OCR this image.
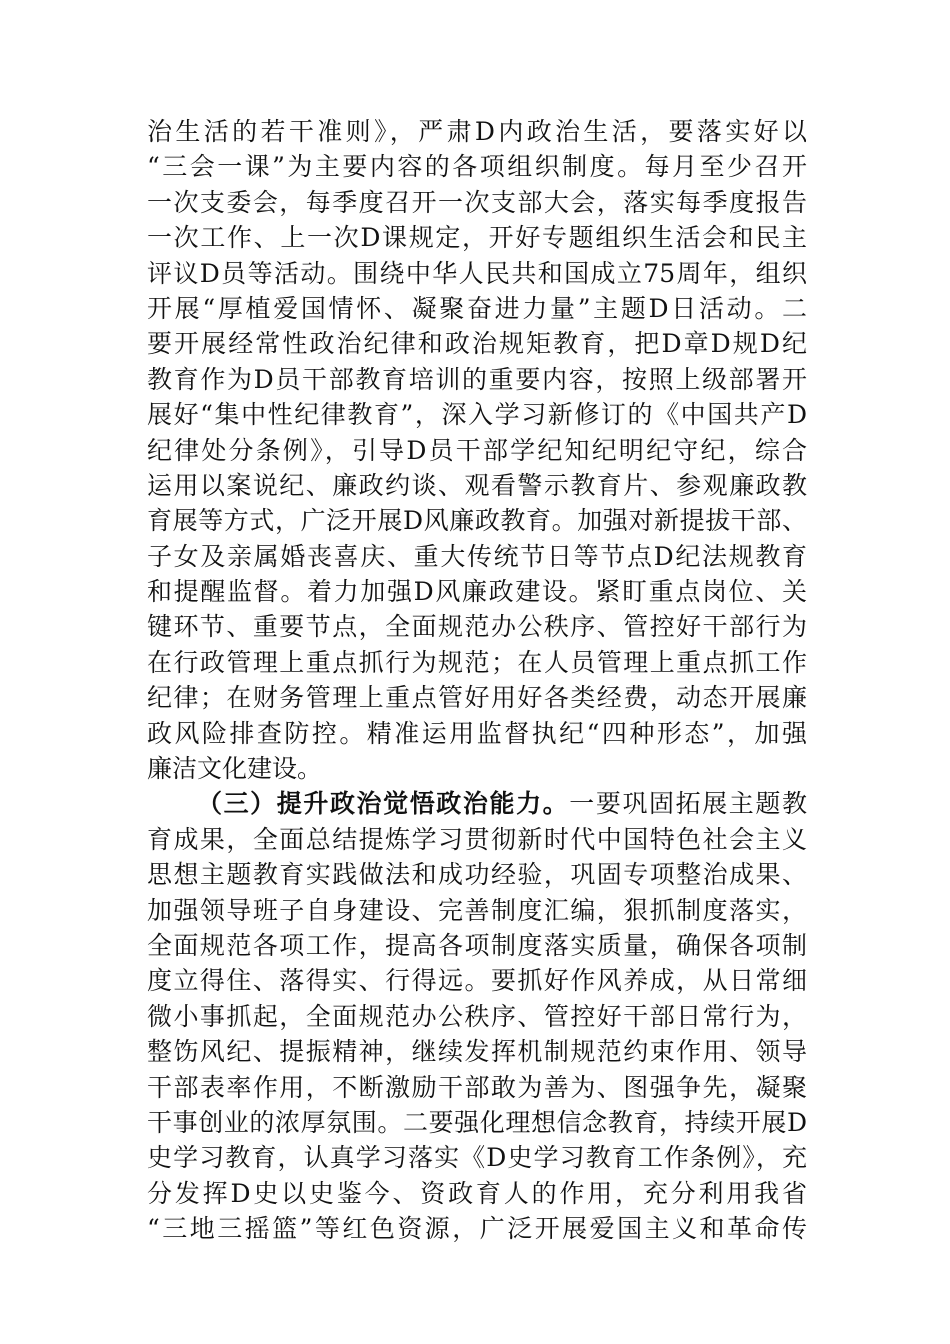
治生活的若干准则》，严肃D内政治生活，要落实好以
“三会一课”为主要内容的各项组织制度。每月至少召开
一次支委会，每季度召开一次支部大会，落实每季度报告
一次工作、上一次D课规定，开好专题组织生活会和民主
评议D员等活动。围绕中华人民共和国成立75周年，组织
开展“厚植爱国情怀、凝聚奋进力量”主题D日活动。二
要开展经常性政治纪律和政治规矩教育，把D章D规D纪
教育作为D员干部教育培训的重要内容，按照上级部署开
展好“集中性纪律教育”，深入学习新修订的《中国共产D
纪律处分条例》，引导D员干部学纪知纪明纪守纪，综合
运用以案说纪、廉政约谈、观看警示教育片、参观廉政教
育展等方式，广泛开展D风廉政教育。加强对新提拔干部、
子女及亲属婚丧喜庆、重大传统节日等节点D纪法规教育
和提醒监督。着力加强D风廉政建设。紧盯重点岗位、关
键环节、重要节点，全面规范办公秩序、管控好干部行为
在行政管理上重点抓行为规范；在人员管理上重点抓工作
纪律；在财务管理上重点管好用好各类经费，动态开展廉
政风险排查防控。精准运用监督执纪“四种形态”，加强
廉洁文化建设。
（三）提升政治觉悟政治能力。一要巩固拓展主题教
育成果，全面总结提炼学习贯彻新时代中国特色社会主义
思想主题教育实践做法和成功经验，巩固专项整治成果、
加强领导班子自身建设、完善制度汇编，狠抓制度落实，
全面规范各项工作，提高各项制度落实质量，确保各项制
度立得住、落得实、行得远。要抓好作风养成，从日常细
微小事抓起，全面规范办公秩序、管控好干部日常行为，
整饬风纪、提振精神，继续发挥机制规范约束作用、领导
干部表率作用，不断激励干部敢为善为、图强争先，凝聚
干事创业的浓厚氛围。二要强化理想信念教育，持续开展D
史学习教育，认真学习落实《D史学习教育工作条例》，充
分发挥D史以史鉴今、资政育人的作用，充分利用我省
“三地三摇篮”等红色资源，广泛开展爱国主义和革命传
